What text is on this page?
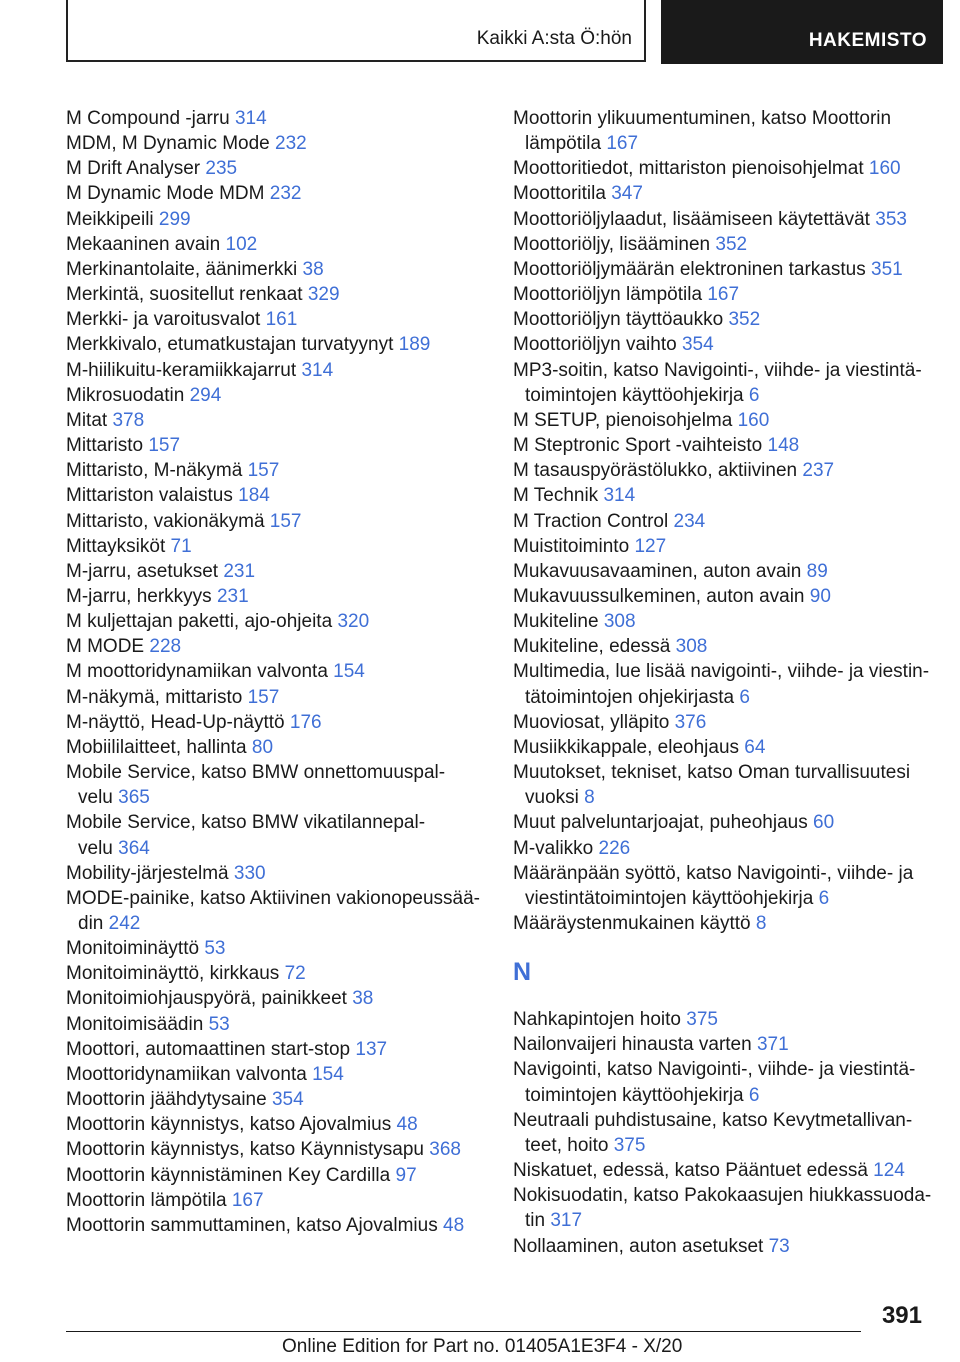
Kaikki A:sta Ö:hön	HAKEMISTO

M Compound -jarru 314

MDM, M Dynamic Mode 232

M Drift Analyser 235

M Dynamic Mode MDM 232

Meikkipeili 299

Mekaaninen avain 102

Merkinantolaite, äänimerkki 38

Merkintä, suositellut renkaat 329

Merkki- ja varoitusvalot 161

Merkkivalo, etumatkustajan turvatyynyt 189

M-hiilikuitu-keramiikkajarrut 314

Mikrosuodatin 294

Mitat 378

Mittaristo 157

Mittaristo, M-näkymä 157

Mittariston valaistus 184

Mittaristo, vakionäkymä 157

Mittayksiköt 71

M-jarru, asetukset 231

M-jarru, herkkyys 231

M kuljettajan paketti, ajo-ohjeita 320

M MODE 228

M moottoridynamiikan valvonta 154

M-näkymä, mittaristo 157

M-näyttö, Head-Up-näyttö 176

Mobiililaitteet, hallinta 80

Mobile Service, katso BMW onnettomuuspal-
velu 365

Mobile Service, katso BMW vikatilannepal-
velu 364

Mobility-järjestelmä 330

MODE-painike, katso Aktiivinen vakionopeussää-
din 242

Monitoiminäyttö 53

Monitoiminäyttö, kirkkaus 72

Monitoimiohjauspyörä, painikkeet 38

Monitoimisäädin 53

Moottori, automaattinen start-stop 137

Moottoridynamiikan valvonta 154

Moottorin jäähdytysaine 354

Moottorin käynnistys, katso Ajovalmius 48

Moottorin käynnistys, katso Käynnistysapu 368

Moottorin käynnistäminen Key Cardilla 97

Moottorin lämpötila 167

Moottorin sammuttaminen, katso Ajovalmius 48

Moottorin ylikuumentuminen, katso Moottorin
lämpötila 167

Moottoritiedot, mittariston pienoisohjelmat 160

Moottoritila 347

Moottoriöljylaadut, lisäämiseen käytettävät 353

Moottoriöljy, lisääminen 352

Moottoriöljymäärän elektroninen tarkastus 351

Moottoriöljyn lämpötila 167

Moottoriöljyn täyttöaukko 352

Moottoriöljyn vaihto 354

MP3-soitin, katso Navigointi-, viihde- ja viestintä-
toimintojen käyttöohjekirja 6

M SETUP, pienoisohjelma 160

M Steptronic Sport -vaihteisto 148

M tasauspyörästölukko, aktiivinen 237

M Technik 314

M Traction Control 234

Muistitoiminto 127

Mukavuusavaaminen, auton avain 89

Mukavuussulkeminen, auton avain 90

Mukiteline 308

Mukiteline, edessä 308

Multimedia, lue lisää navigointi-, viihde- ja viestin-
tätoimintojen ohjekirjasta 6

Muoviosat, ylläpito 376

Musiikkikappale, eleohjaus 64

Muutokset, tekniset, katso Oman turvallisuutesi
vuoksi 8

Muut palveluntarjoajat, puheohjaus 60

M-valikko 226

Määränpään syöttö, katso Navigointi-, viihde- ja
viestintätoimintojen käyttöohjekirja 6

Määräystenmukainen käyttö 8

N

Nahkapintojen hoito 375

Nailonvaijeri hinausta varten 371

Navigointi, katso Navigointi-, viihde- ja viestintä-
toimintojen käyttöohjekirja 6

Neutraali puhdistusaine, katso Kevytmetallivan-
teet, hoito 375

Niskatuet, edessä, katso Pääntuet edessä 124

Nokisuodatin, katso Pakokaasujen hiukkassuoda-
tin 317

Nollaaminen, auton asetukset 73

391
Online Edition for Part no. 01405A1E3F4 - X/20
